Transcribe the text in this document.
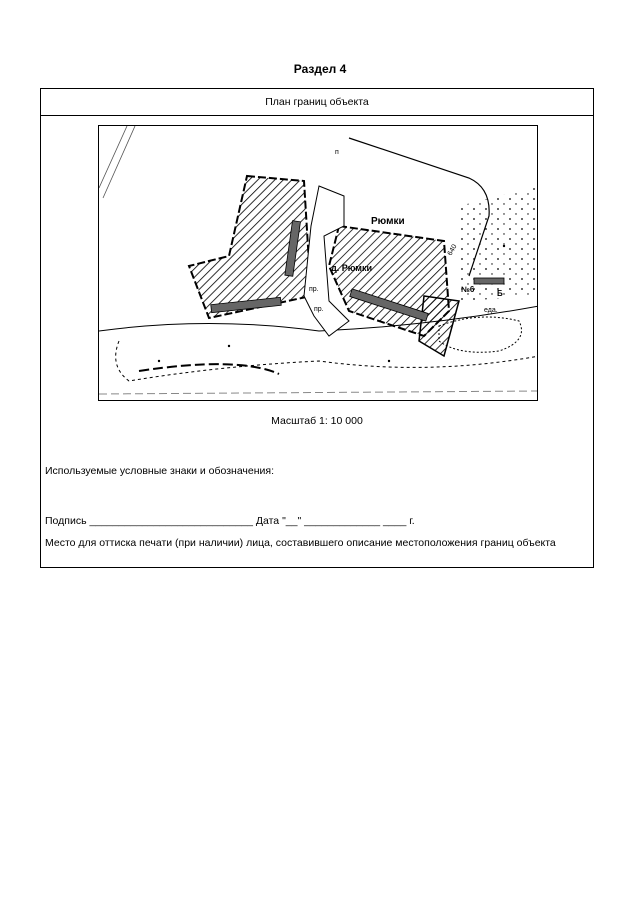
Раздел 4
План границ объекта
Рюмки
д. Рюмки
пр.
пр.
№6	Б
еда.
640
п
Масштаб 1: 10 000
Используемые условные знаки и обозначения:
Подпись ____________________________ Дата "__" _____________ ____ г.
Место для оттиска печати (при наличии) лица, составившего описание местоположения границ объекта
